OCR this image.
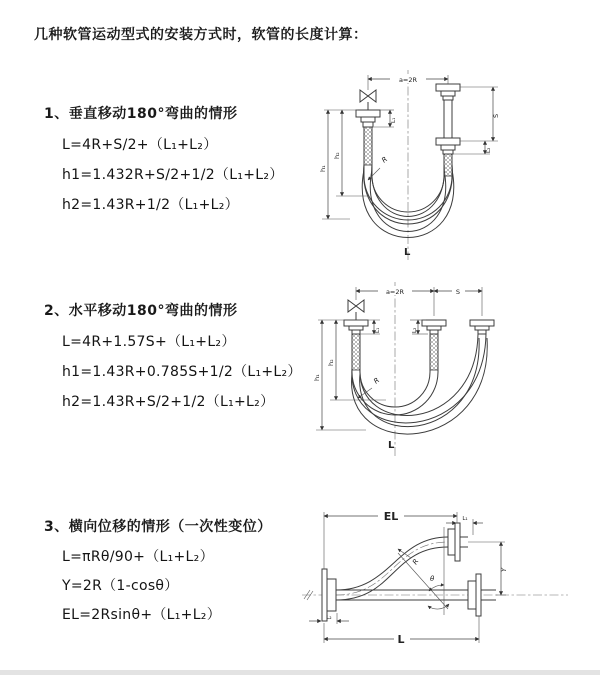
几种软管运动型式的安装方式时，软管的长度计算：
1、垂直移动180°弯曲的情形
L=4R+S/2+（L₁+L₂）
h1=1.432R+S/2+1/2（L₁+L₂）
h2=1.43R+1/2（L₁+L₂）
2、水平移动180°弯曲的情形
L=4R+1.57S+（L₁+L₂）
h1=1.43R+0.785S+1/2（L₁+L₂）
h2=1.43R+S/2+1/2（L₁+L₂）
3、横向位移的情形（一次性变位）
L=πRθ/90+（L₁+L₂）
Y=2R（1-cosθ）
EL=2Rsinθ+（L₁+L₂）
a=2R
h₁
h₂
S
L₁
L₂
R
L
a=2R	S
h₁
h₂
L₁	L₂
R
L
EL	L₁
Y
θ
R
L
L₂
